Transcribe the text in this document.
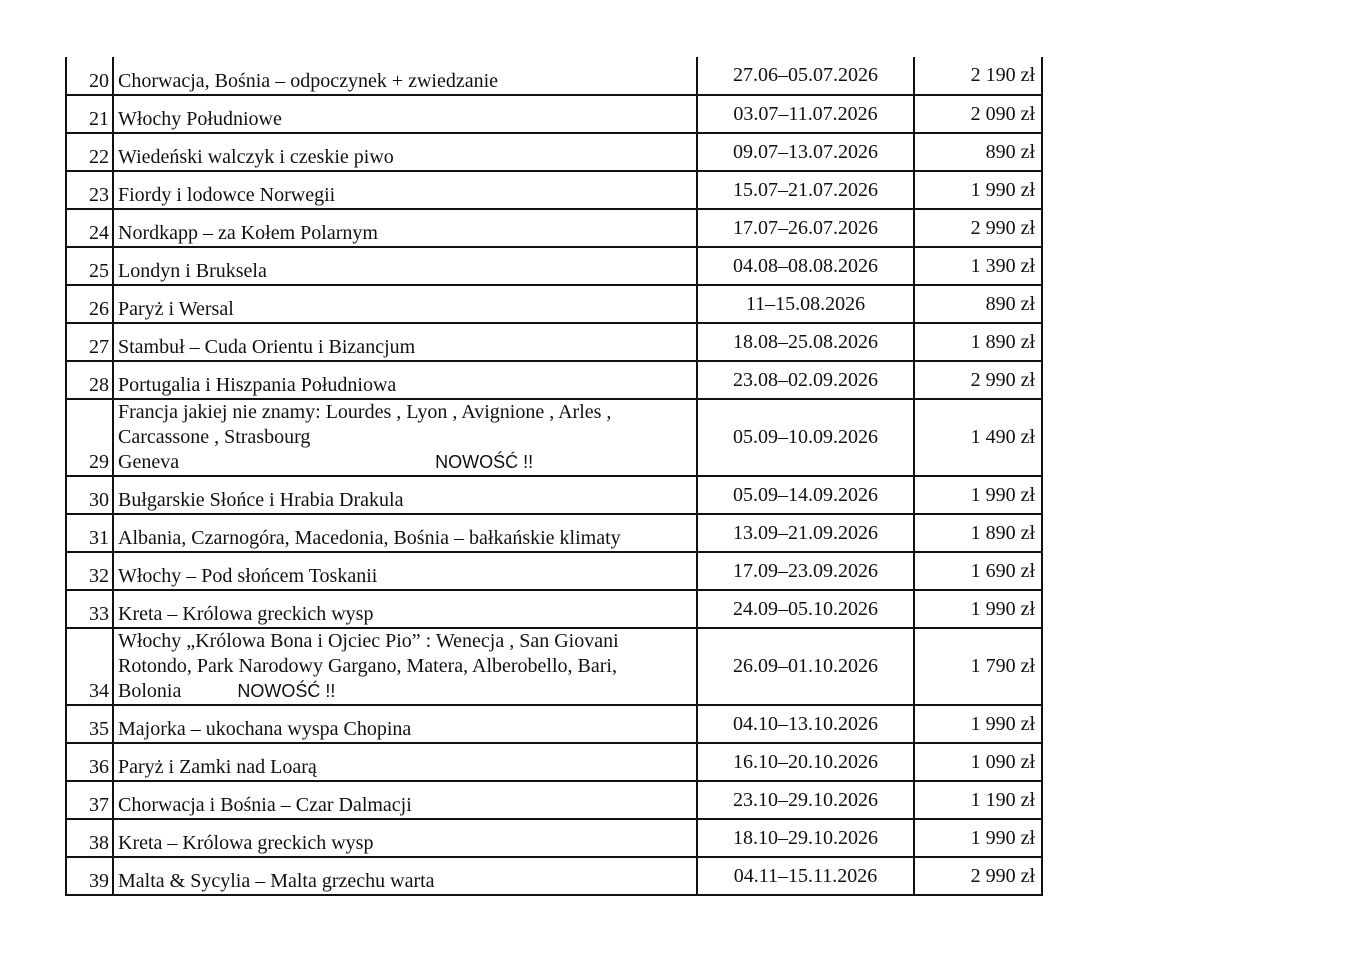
20	Chorwacja, Bośnia – odpoczynek + zwiedzanie	27.06–05.07.2026	2 190 zł
21	Włochy Południowe	03.07–11.07.2026	2 090 zł
22	Wiedeński walczyk i czeskie piwo	09.07–13.07.2026	890 zł
23	Fiordy i lodowce Norwegii	15.07–21.07.2026	1 990 zł
24	Nordkapp – za Kołem Polarnym	17.07–26.07.2026	2 990 zł
25	Londyn i Bruksela	04.08–08.08.2026	1 390 zł
26	Paryż i Wersal	11–15.08.2026	890 zł
27	Stambuł – Cuda Orientu i Bizancjum	18.08–25.08.2026	1 890 zł
28	Portugalia i Hiszpania Południowa	23.08–02.09.2026	2 990 zł
29	Francja jakiej nie znamy: Lourdes , Lyon , Avignione , Arles ,
Carcassone , Strasbourg
Geneva NOWOŚĆ !!	05.09–10.09.2026	1 490 zł
30	Bułgarskie Słońce i Hrabia Drakula	05.09–14.09.2026	1 990 zł
31	Albania, Czarnogóra, Macedonia, Bośnia – bałkańskie klimaty	13.09–21.09.2026	1 890 zł
32	Włochy – Pod słońcem Toskanii	17.09–23.09.2026	1 690 zł
33	Kreta – Królowa greckich wysp	24.09–05.10.2026	1 990 zł
34	Włochy „Królowa Bona i Ojciec Pio” : Wenecja , San Giovani
Rotondo, Park Narodowy Gargano, Matera, Alberobello, Bari,
Bolonia NOWOŚĆ !!	26.09–01.10.2026	1 790 zł
35	Majorka – ukochana wyspa Chopina	04.10–13.10.2026	1 990 zł
36	Paryż i Zamki nad Loarą	16.10–20.10.2026	1 090 zł
37	Chorwacja i Bośnia – Czar Dalmacji	23.10–29.10.2026	1 190 zł
38	Kreta – Królowa greckich wysp	18.10–29.10.2026	1 990 zł
39	Malta & Sycylia – Malta grzechu warta	04.11–15.11.2026	2 990 zł
